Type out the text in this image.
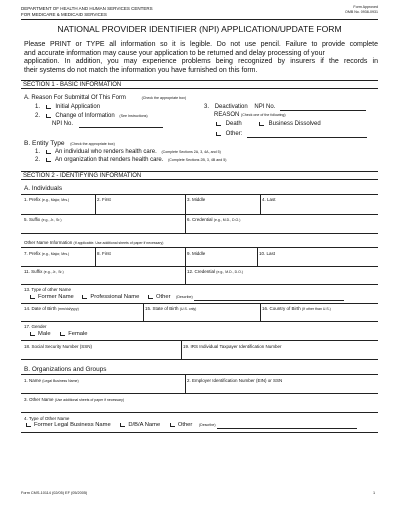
DEPARTMENT OF HEALTH AND HUMAN SERVICES CENTERS
FOR MEDICARE & MEDICAID SERVICES
Form Approved
OMB No. 0938-0931
NATIONAL PROVIDER IDENTIFIER (NPI) APPLICATION/UPDATE FORM
Please PRINT or TYPE all information so it is legible. Do not use pencil. Failure to provide complete
and accurate information may cause your application to be returned and delay processing of your
application. In addition, you may experience problems being recognized by insurers if the records in
their systems do not match the information you have furnished on this form.
SECTION 1 - BASIC INFORMATION
A. Reason For Submittal Of This Form	(Check the appropriate box)
1.	Initial Application
2.	Change of Information (See Instructions)
NPI No.
3. Deactivation NPI No.
REASON (Check one of the following)
Death	Business Dissolved
Other:
B. Entity Type (Check the appropriate box)
1.	An individual who renders health care. (Complete Sections 2A, 3, 4A, and 5)
2.	An organization that renders health care. (Complete Sections 2B, 3, 4B and 5)
SECTION 2 - IDENTIFYING INFORMATION
A. Individuals
1. Prefix (e.g., Major, Mrs.)	2. First	3. Middle	4. Last
5. Suffix (e.g., Jr., Sr.)	6. Credential (e.g., M.D., D.O.)
Other Name Information (If applicable. Use additional sheets of paper if necessary)
7. Prefix (e.g., Major, Mrs.)	8. First	9. Middle	10. Last
11. Suffix (e.g., Jr., Sr.)	12. Credential (e.g., M.D., D.O.)
13. Type of other Name
Former Name	Professional Name	Other (Describe)
14. Date of Birth (mm/dd/yyyy)	15. State of Birth (U.S. only)	16. Country of Birth (If other than U.S.)
17. Gender
Male	Female
18. Social Security Number (SSN)	19. IRS Individual Taxpayer Identification Number
B. Organizations and Groups
1. Name (Legal Business Name)	2. Employer Identification Number (EIN) or SSN
3. Other Name (Use additional sheets of paper if necessary)
4. Type of Other Name
Former Legal Business Name	D/B/A Name	Other (Describe)
Form CMS-10114 (02/05) EF (05/2005)	1
